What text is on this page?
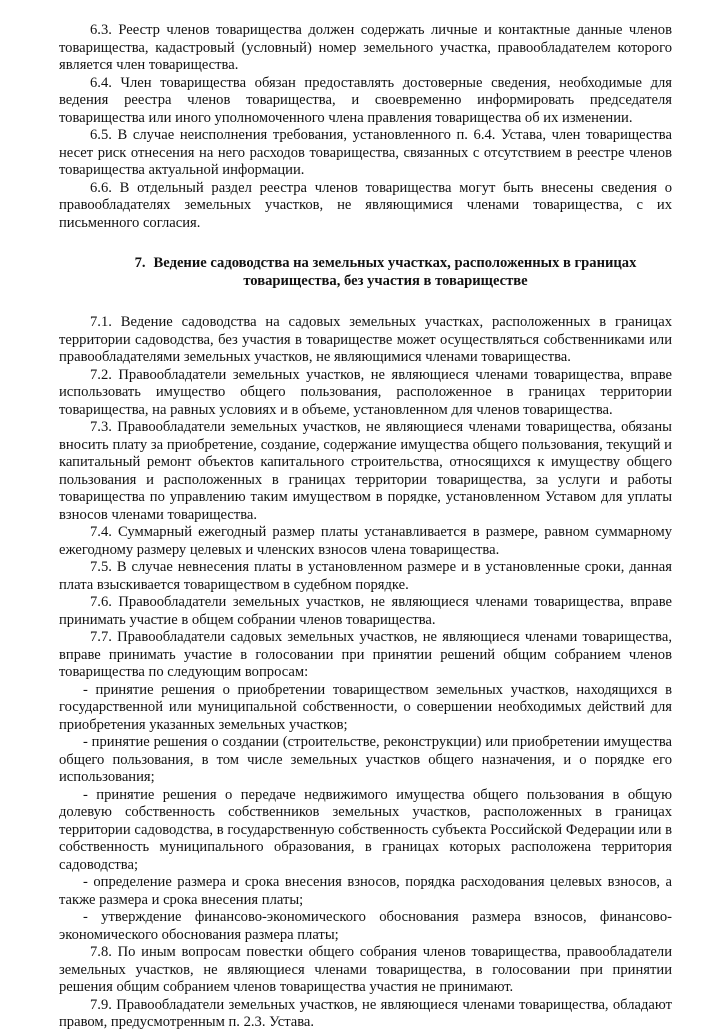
6.3. Реестр членов товарищества должен содержать личные и контактные данные членов товарищества, кадастровый (условный) номер земельного участка, правообладателем которого является член товарищества.

6.4. Член товарищества обязан предоставлять достоверные сведения, необходимые для ведения реестра членов товарищества, и своевременно информировать председателя товарищества или иного уполномоченного члена правления товарищества об их изменении.

6.5. В случае неисполнения требования, установленного п. 6.4. Устава, член товарищества несет риск отнесения на него расходов товарищества, связанных с отсутствием в реестре членов товарищества актуальной информации.

6.6. В отдельный раздел реестра членов товарищества могут быть внесены сведения о правообладателях земельных участков, не являющимися членами товарищества, с их письменного согласия.

7. Ведение садоводства на земельных участках, расположенных в границах товарищества, без участия в товариществе

7.1. Ведение садоводства на садовых земельных участках, расположенных в границах территории садоводства, без участия в товариществе может осуществляться собственниками или правообладателями земельных участков, не являющимися членами товарищества.

7.2. Правообладатели земельных участков, не являющиеся членами товарищества, вправе использовать имущество общего пользования, расположенное в границах территории товарищества, на равных условиях и в объеме, установленном для членов товарищества.

7.3. Правообладатели земельных участков, не являющиеся членами товарищества, обязаны вносить плату за приобретение, создание, содержание имущества общего пользования, текущий и капитальный ремонт объектов капитального строительства, относящихся к имуществу общего пользования и расположенных в границах территории товарищества, за услуги и работы товарищества по управлению таким имуществом в порядке, установленном Уставом для уплаты взносов членами товарищества.

7.4. Суммарный ежегодный размер платы устанавливается в размере, равном суммарному ежегодному размеру целевых и членских взносов члена товарищества.

7.5. В случае невнесения платы в установленном размере и в установленные сроки, данная плата взыскивается товариществом в судебном порядке.

7.6. Правообладатели земельных участков, не являющиеся членами товарищества, вправе принимать участие в общем собрании членов товарищества.

7.7. Правообладатели садовых земельных участков, не являющиеся членами товарищества, вправе принимать участие в голосовании при принятии решений общим собранием членов товарищества по следующим вопросам:

- принятие решения о приобретении товариществом земельных участков, находящихся в государственной или муниципальной собственности, о совершении необходимых действий для приобретения указанных земельных участков;

- принятие решения о создании (строительстве, реконструкции) или приобретении имущества общего пользования, в том числе земельных участков общего назначения, и о порядке его использования;

- принятие решения о передаче недвижимого имущества общего пользования в общую долевую собственность собственников земельных участков, расположенных в границах территории садоводства, в государственную собственность субъекта Российской Федерации или в собственность муниципального образования, в границах которых расположена территория садоводства;

- определение размера и срока внесения взносов, порядка расходования целевых взносов, а также размера и срока внесения платы;

- утверждение финансово-экономического обоснования размера взносов, финансово-экономического обоснования размера платы;

7.8. По иным вопросам повестки общего собрания членов товарищества, правообладатели земельных участков, не являющиеся членами товарищества, в голосовании при принятии решения общим собранием членов товарищества участия не принимают.

7.9. Правообладатели земельных участков, не являющиеся членами товарищества, обладают правом, предусмотренным п. 2.3. Устава.
